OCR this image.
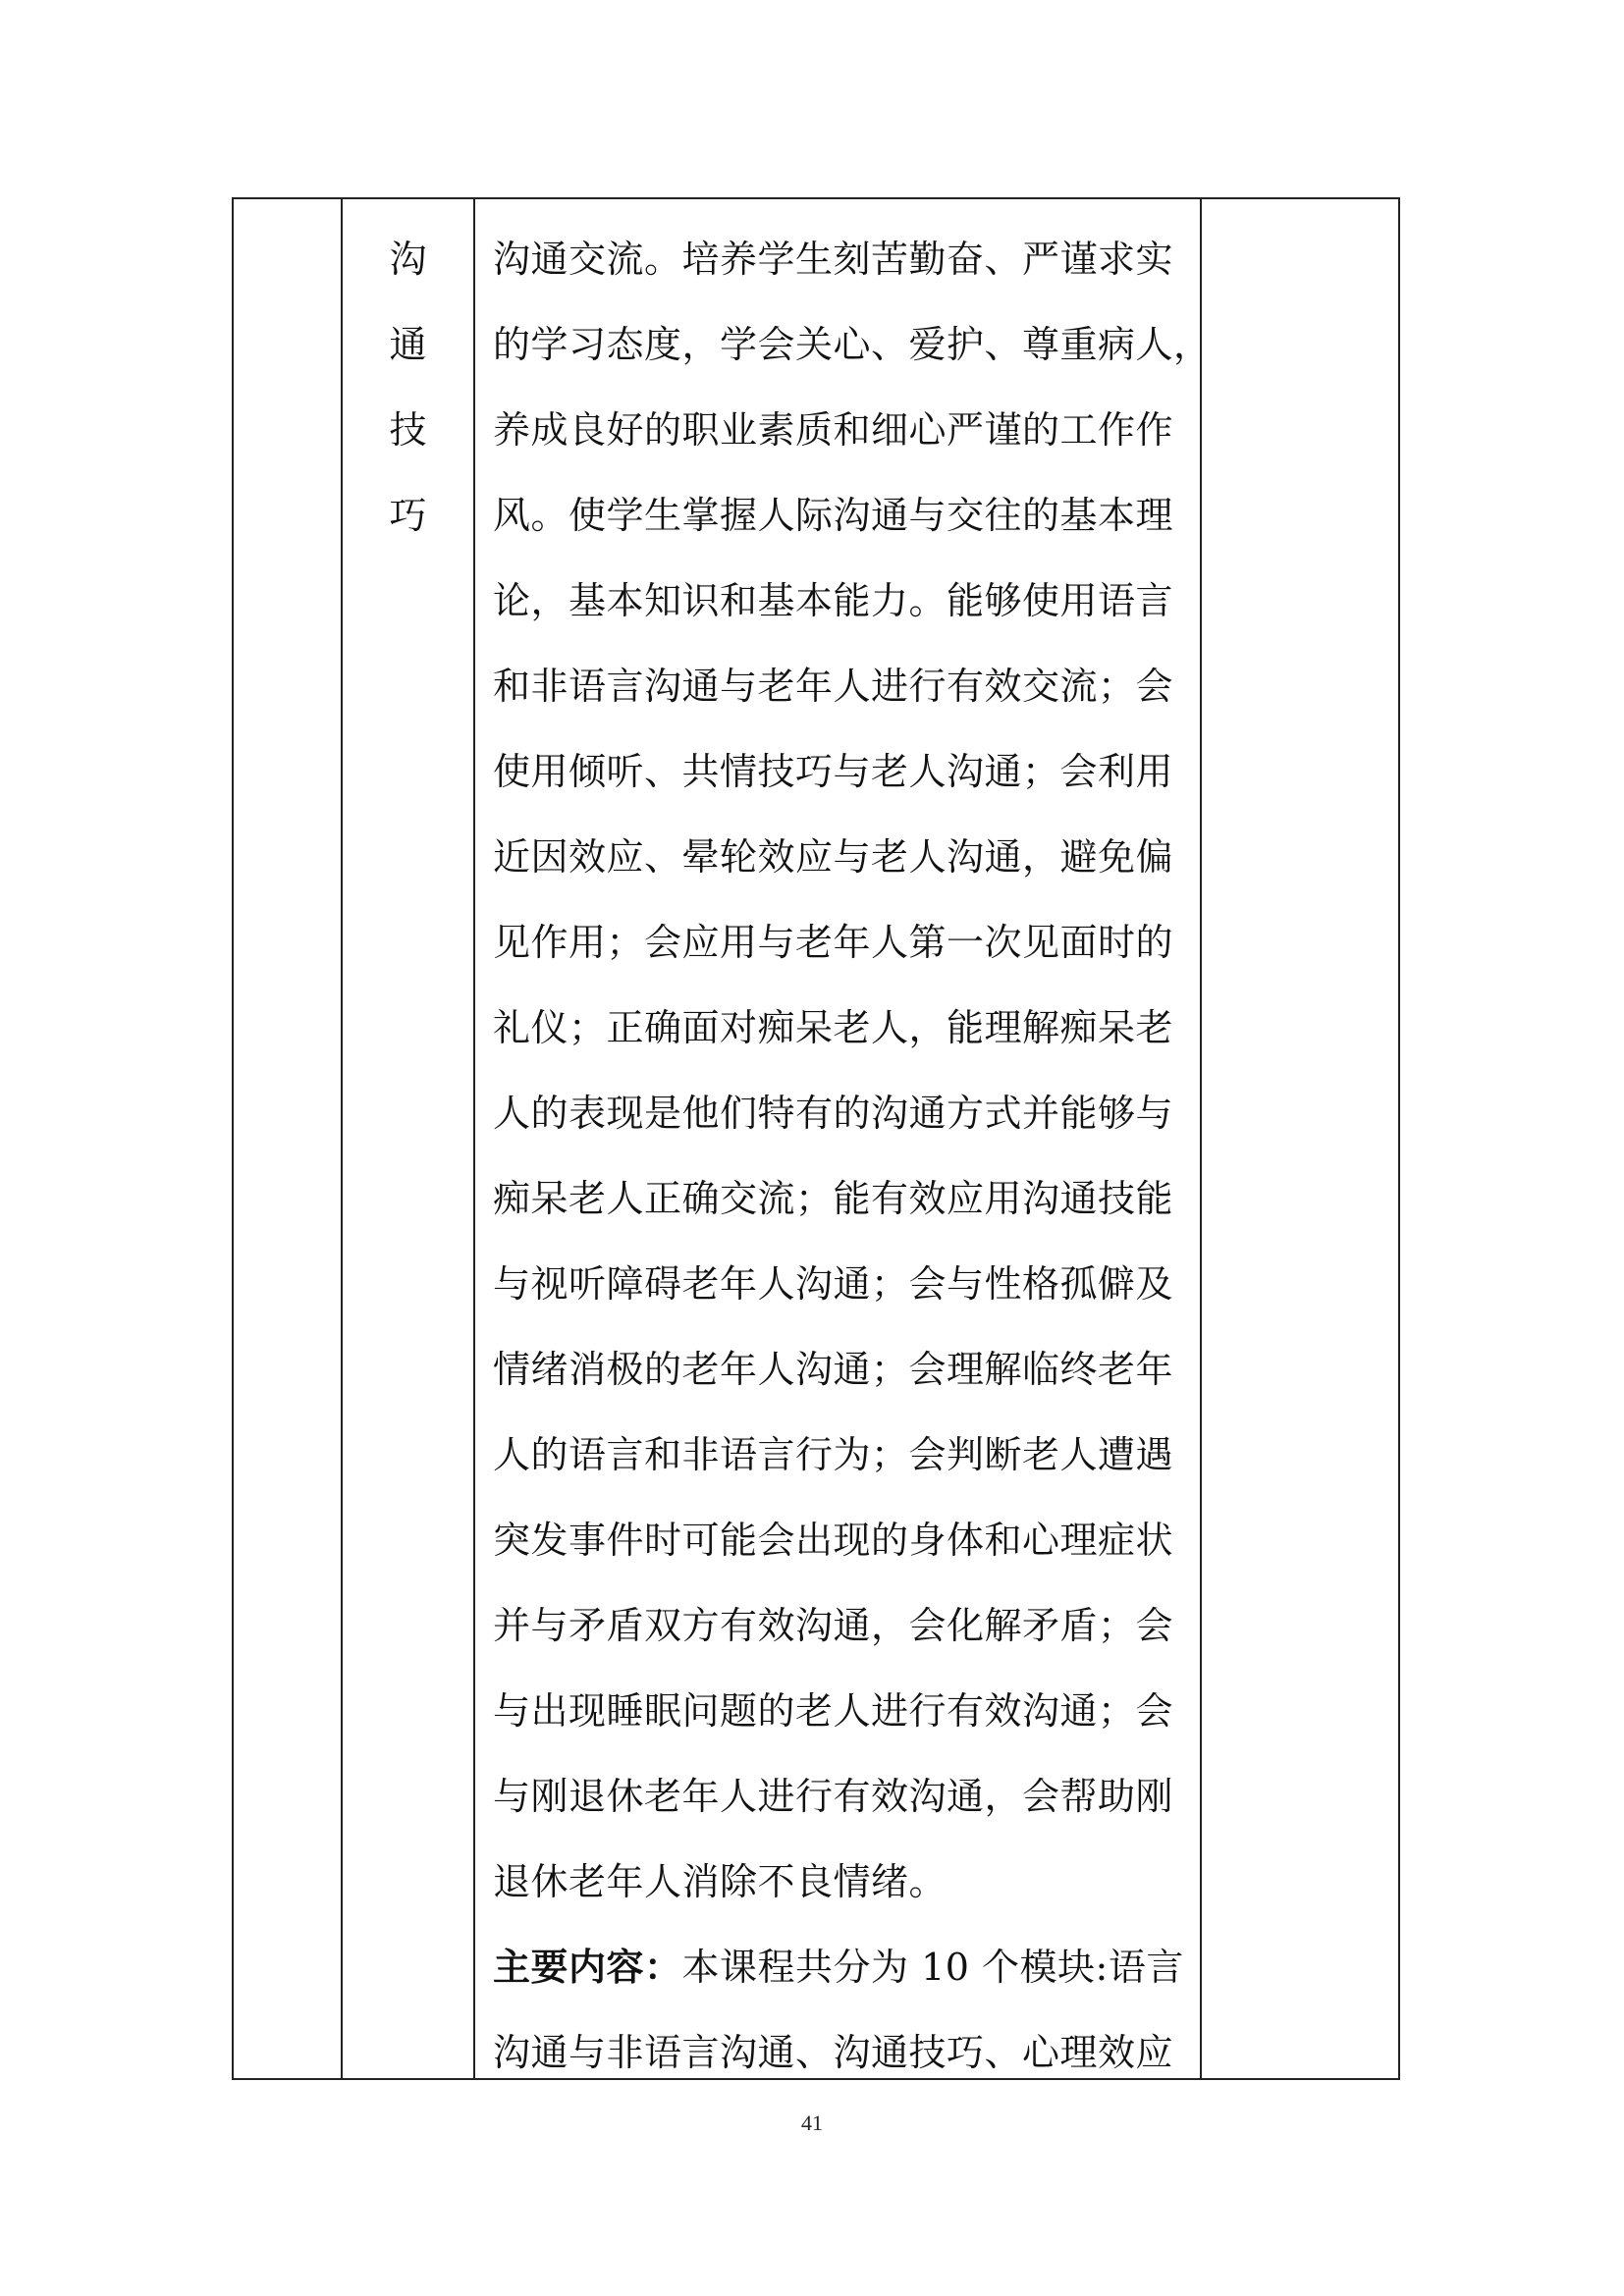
沟
通
技
巧
沟通交流。培养学生刻苦勤奋、严谨求实
的学习态度，学会关心、爱护、尊重病人，
养成良好的职业素质和细心严谨的工作作
风。使学生掌握人际沟通与交往的基本理
论，基本知识和基本能力。能够使用语言
和非语言沟通与老年人进行有效交流；会
使用倾听、共情技巧与老人沟通；会利用
近因效应、晕轮效应与老人沟通，避免偏
见作用；会应用与老年人第一次见面时的
礼仪；正确面对痴呆老人，能理解痴呆老
人的表现是他们特有的沟通方式并能够与
痴呆老人正确交流；能有效应用沟通技能
与视听障碍老年人沟通；会与性格孤僻及
情绪消极的老年人沟通；会理解临终老年
人的语言和非语言行为；会判断老人遭遇
突发事件时可能会出现的身体和心理症状
并与矛盾双方有效沟通，会化解矛盾；会
与出现睡眠问题的老人进行有效沟通；会
与刚退休老年人进行有效沟通，会帮助刚
退休老年人消除不良情绪。
主要内容：本课程共分为 10 个模块:语言
沟通与非语言沟通、沟通技巧、心理效应
41
